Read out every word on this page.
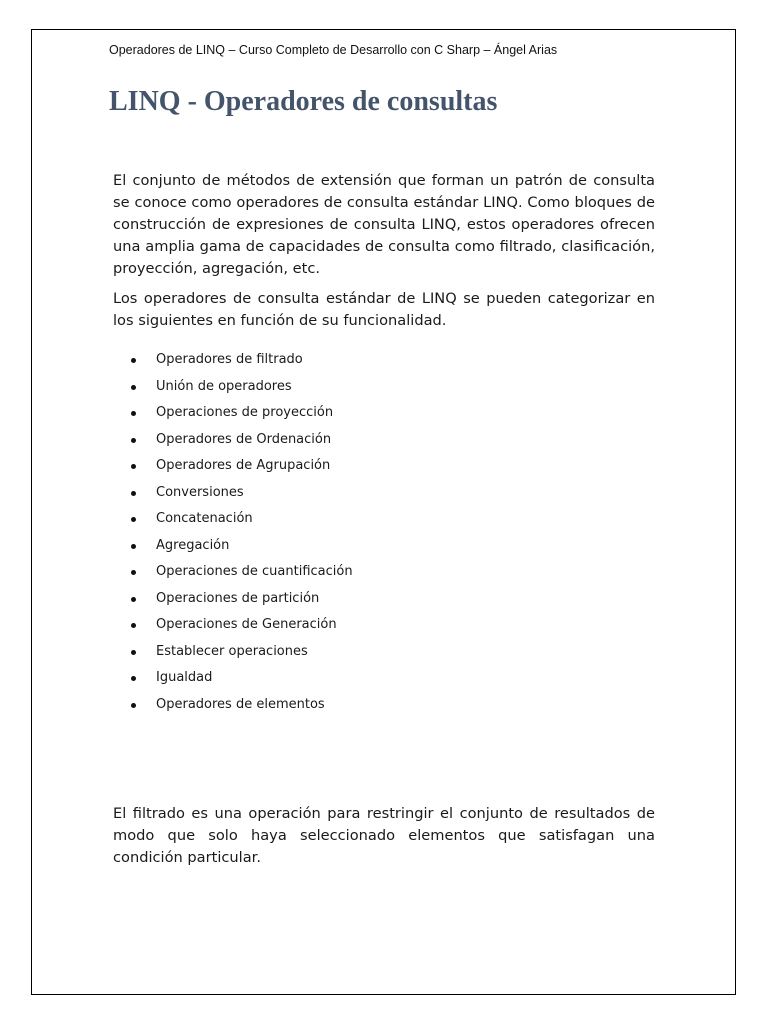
Operadores de LINQ – Curso Completo de Desarrollo con C Sharp – Ángel Arias
LINQ - Operadores de consultas

El conjunto de métodos de extensión que forman un patrón de consulta se conoce como operadores de consulta estándar LINQ. Como bloques de construcción de expresiones de consulta LINQ, estos operadores ofrecen una amplia gama de capacidades de consulta como filtrado, clasificación, proyección, agregación, etc.

Los operadores de consulta estándar de LINQ se pueden categorizar en los siguientes en función de su funcionalidad.

Operadores de filtrado
Unión de operadores
Operaciones de proyección
Operadores de Ordenación
Operadores de Agrupación
Conversiones
Concatenación
Agregación
Operaciones de cuantificación
Operaciones de partición
Operaciones de Generación
Establecer operaciones
Igualdad
Operadores de elementos

El filtrado es una operación para restringir el conjunto de resultados de modo que solo haya seleccionado elementos que satisfagan una condición particular.
